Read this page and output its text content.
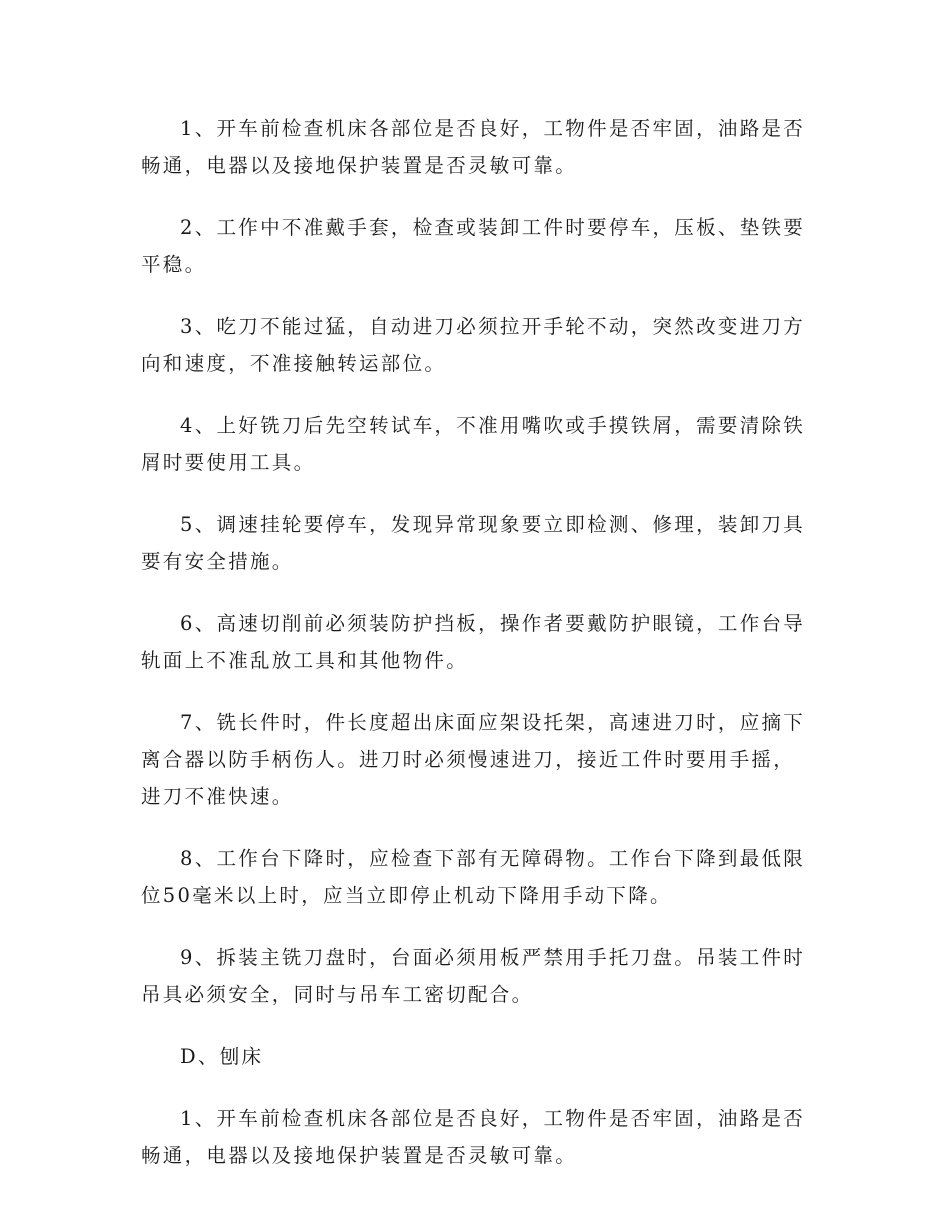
1、开车前检查机床各部位是否良好，工物件是否牢固，油路是否畅通，电器以及接地保护装置是否灵敏可靠。

2、工作中不准戴手套，检查或装卸工件时要停车，压板、垫铁要平稳。

3、吃刀不能过猛，自动进刀必须拉开手轮不动，突然改变进刀方向和速度，不准接触转运部位。

4、上好铣刀后先空转试车，不准用嘴吹或手摸铁屑，需要清除铁屑时要使用工具。

5、调速挂轮要停车，发现异常现象要立即检测、修理，装卸刀具要有安全措施。

6、高速切削前必须装防护挡板，操作者要戴防护眼镜，工作台导轨面上不准乱放工具和其他物件。

7、铣长件时，件长度超出床面应架设托架，高速进刀时，应摘下离合器以防手柄伤人。进刀时必须慢速进刀，接近工件时要用手摇，进刀不准快速。

8、工作台下降时，应检查下部有无障碍物。工作台下降到最低限位50毫米以上时，应当立即停止机动下降用手动下降。

9、拆装主铣刀盘时，台面必须用板严禁用手托刀盘。吊装工件时吊具必须安全，同时与吊车工密切配合。

D、刨床

1、开车前检查机床各部位是否良好，工物件是否牢固，油路是否畅通，电器以及接地保护装置是否灵敏可靠。
